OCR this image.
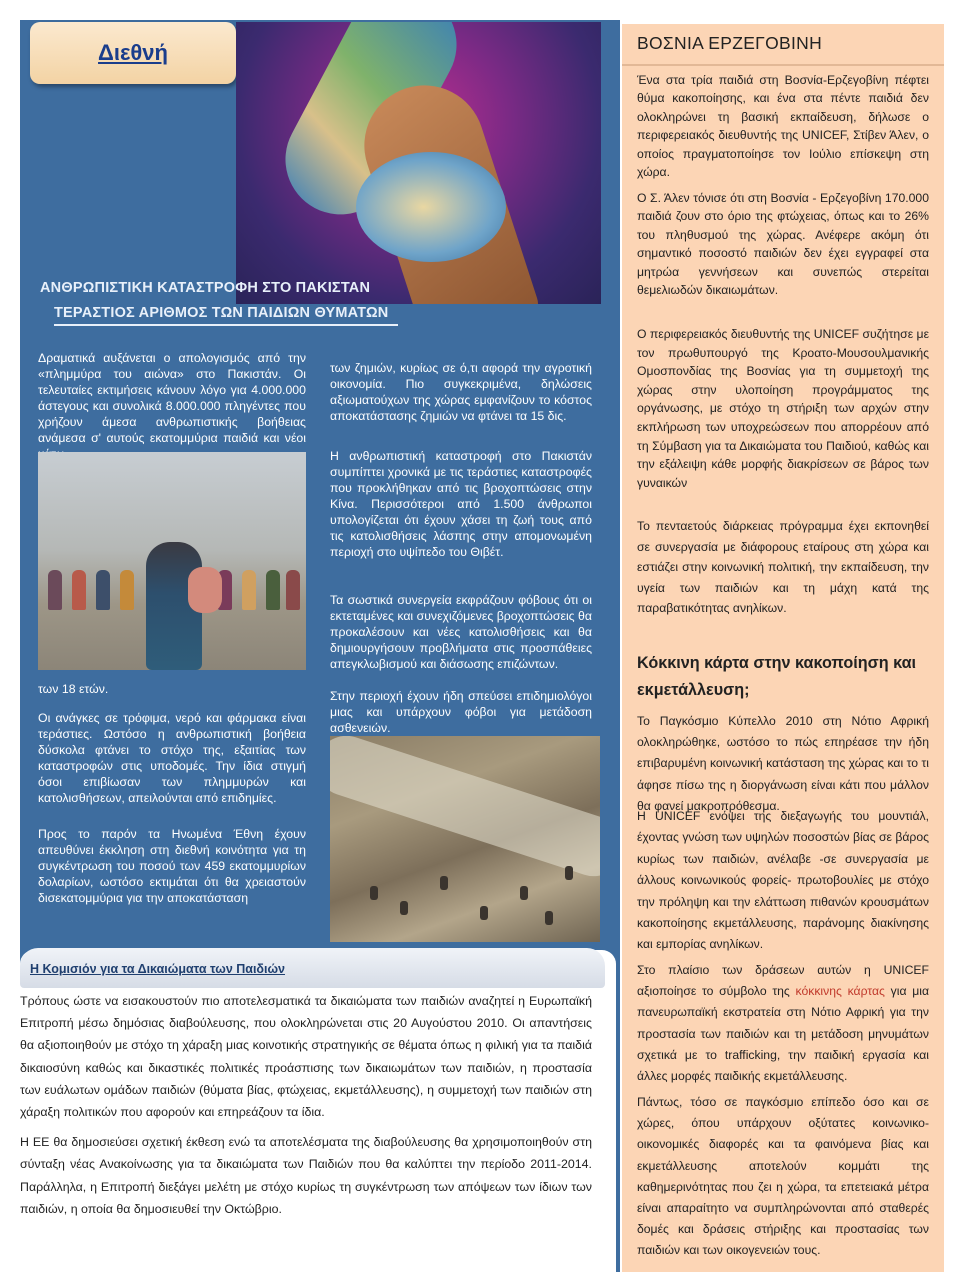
Διεθνή
ΑΝΘΡΩΠΙΣΤΙΚΗ ΚΑΤΑΣΤΡΟΦΗ ΣΤΟ ΠΑΚΙΣΤΑΝ
ΤΕΡΑΣΤΙΟΣ ΑΡΙΘΜΟΣ ΤΩΝ ΠΑΙΔΙΩΝ ΘΥΜΑΤΩΝ
Δραματικά αυξάνεται ο απολογισμός από την «πλημμύρα του αιώνα» στο Πακιστάν. Οι τελευταίες εκτιμήσεις κάνουν λόγο για 4.000.000 άστεγους και συνολικά 8.000.000 πληγέντες που χρήζουν άμεσα ανθρωπιστικής βοήθειας ανάμεσα σ' αυτούς εκατομμύρια παιδιά και νέοι
των 18 ετών.
Οι ανάγκες σε τρόφιμα, νερό και φάρμακα είναι τεράστιες. Ωστόσο η ανθρωπιστική βοήθεια δύσκολα φτάνει το στόχο της, εξαιτίας των καταστροφών στις υποδομές. Την ίδια στιγμή όσοι επιβίωσαν των πλημμυρών και κατολισθήσεων, απειλούνται από επιδημίες.
Προς το παρόν τα Ηνωμένα Έθνη έχουν απευθύνει έκκληση στη διεθνή κοινότητα για τη συγκέντρωση του ποσού των 459 εκατομμυρίων δολαρίων, ωστόσο εκτιμάται ότι θα χρειαστούν δισεκατομμύρια για την αποκατάσταση
των ζημιών, κυρίως σε ό,τι αφορά την αγροτική οικονομία. Πιο συγκεκριμένα, δηλώσεις αξιωματούχων της χώρας εμφανίζουν το κόστος αποκατάστασης ζημιών να φτάνει τα 15 δις.
Η ανθρωπιστική καταστροφή στο Πακιστάν συμπίπτει χρονικά με τις τεράστιες καταστροφές που προκλήθηκαν από τις βροχοπτώσεις στην Κίνα. Περισσότεροι από 1.500 άνθρωποι υπολογίζεται ότι έχουν χάσει τη ζωή τους από τις κατολισθήσεις λάσπης στην απομονωμένη περιοχή στο υψίπεδο του Θιβέτ.
Τα σωστικά συνεργεία εκφράζουν φόβους ότι οι εκτεταμένες και συνεχιζόμενες βροχοπτώσεις θα προκαλέσουν και νέες κατολισθήσεις και θα δημιουργήσουν προβλήματα στις προσπάθειες απεγκλωβισμού και διάσωσης επιζώντων.
Στην περιοχή έχουν ήδη σπεύσει επιδημιολόγοι μιας και υπάρχουν φόβοι για μετάδοση ασθενειών.
Η Κομισιόν για τα Δικαιώματα των Παιδιών

Τρόπους ώστε να εισακουστούν πιο αποτελεσματικά τα δικαιώματα των παιδιών αναζητεί η Ευρωπαϊκή Επιτροπή μέσω δημόσιας διαβούλευσης, που ολοκληρώνεται στις 20 Αυγούστου 2010. Οι απαντήσεις θα αξιοποιηθούν με στόχο τη χάραξη μιας κοινοτικής στρατηγικής σε θέματα όπως η φιλική για τα παιδιά δικαιοσύνη καθώς και δικαστικές πολιτικές προάσπισης των δικαιωμάτων των παιδιών, η προστασία των ευάλωτων ομάδων παιδιών (θύματα βίας, φτώχειας, εκμετάλλευσης), η συμμετοχή των παιδιών στη χάραξη πολιτικών που αφορούν και επηρεάζουν τα ίδια.

Η ΕΕ θα δημοσιεύσει σχετική έκθεση ενώ τα αποτελέσματα της διαβούλευσης θα χρησιμοποιηθούν στη σύνταξη νέας Ανακοίνωσης για τα δικαιώματα των Παιδιών που θα καλύπτει την περίοδο 2011-2014. Παράλληλα, η Επιτροπή διεξάγει μελέτη με στόχο κυρίως τη συγκέντρωση των απόψεων των ίδιων των παιδιών, η οποία θα δημοσιευθεί την Οκτώβριο.

ΒΟΣΝΙΑ ΕΡΖΕΓΟΒΙΝΗ
Ένα στα τρία παιδιά στη Βοσνία-Ερζεγοβίνη πέφτει θύμα κακοποίησης, και ένα στα πέντε παιδιά δεν ολοκληρώνει τη βασική εκπαίδευση, δήλωσε ο περιφερειακός διευθυντής της UNICEF, Στίβεν Άλεν, ο οποίος πραγματοποίησε τον Ιούλιο επίσκεψη στη χώρα.
Ο Σ. Άλεν τόνισε ότι στη Βοσνία - Ερζεγοβίνη 170.000 παιδιά ζουν στο όριο της φτώχειας, όπως και το 26% του πληθυσμού της χώρας. Ανέφερε ακόμη ότι σημαντικό ποσοστό παιδιών δεν έχει εγγραφεί στα μητρώα γεννήσεων και συνεπώς στερείται θεμελιωδών δικαιωμάτων.
Ο περιφερειακός διευθυντής της UNICEF συζήτησε με τον πρωθυπουργό της Κροατο-Μουσουλμανικής Ομοσπονδίας της Βοσνίας για τη συμμετοχή της χώρας στην υλοποίηση προγράμματος της οργάνωσης, με στόχο τη στήριξη των αρχών στην εκπλήρωση των υποχρεώσεων που απορρέουν από τη Σύμβαση για τα Δικαιώματα του Παιδιού, καθώς και την εξάλειψη κάθε μορφής διακρίσεων σε βάρος των γυναικών
Το πενταετούς διάρκειας πρόγραμμα έχει εκπονηθεί σε συνεργασία με διάφορους εταίρους στη χώρα και εστιάζει στην κοινωνική πολιτική, την εκπαίδευση, την υγεία των παιδιών και τη μάχη κατά της παραβατικότητας ανηλίκων.
Κόκκινη κάρτα στην κακοποίηση και εκμετάλλευση;
Το Παγκόσμιο Κύπελλο 2010 στη Νότιο Αφρική ολοκληρώθηκε, ωστόσο το πώς επηρέασε την ήδη επιβαρυμένη κοινωνική κατάσταση της χώρας και το τι άφησε πίσω της η διοργάνωση είναι κάτι που μάλλον θα φανεί μακροπρόθεσμα.
Η UNICEF ενόψει της διεξαγωγής του μουντιάλ, έχοντας γνώση των υψηλών ποσοστών βίας σε βάρος κυρίως των παιδιών, ανέλαβε -σε συνεργασία με άλλους κοινωνικούς φορείς- πρωτοβουλίες με στόχο την πρόληψη και την ελάττωση πιθανών κρουσμάτων κακοποίησης εκμετάλλευσης, παράνομης διακίνησης και εμπορίας ανηλίκων.
Στο πλαίσιο των δράσεων αυτών η UNICEF αξιοποίησε το σύμβολο της κόκκινης κάρτας για μια πανευρωπαϊκή εκστρατεία στη Νότιο Αφρική για την προστασία των παιδιών και τη μετάδοση μηνυμάτων σχετικά με το trafficking, την παιδική εργασία και άλλες μορφές παιδικής εκμετάλλευσης.
Πάντως, τόσο σε παγκόσμιο επίπεδο όσο και σε χώρες, όπου υπάρχουν οξύτατες κοινωνικο-οικονομικές διαφορές και τα φαινόμενα βίας και εκμετάλλευσης αποτελούν κομμάτι της καθημερινότητας που ζει η χώρα, τα επετειακά μέτρα είναι απαραίτητο να συμπληρώνονται από σταθερές δομές και δράσεις στήριξης και προστασίας των παιδιών και των οικογενειών τους.
